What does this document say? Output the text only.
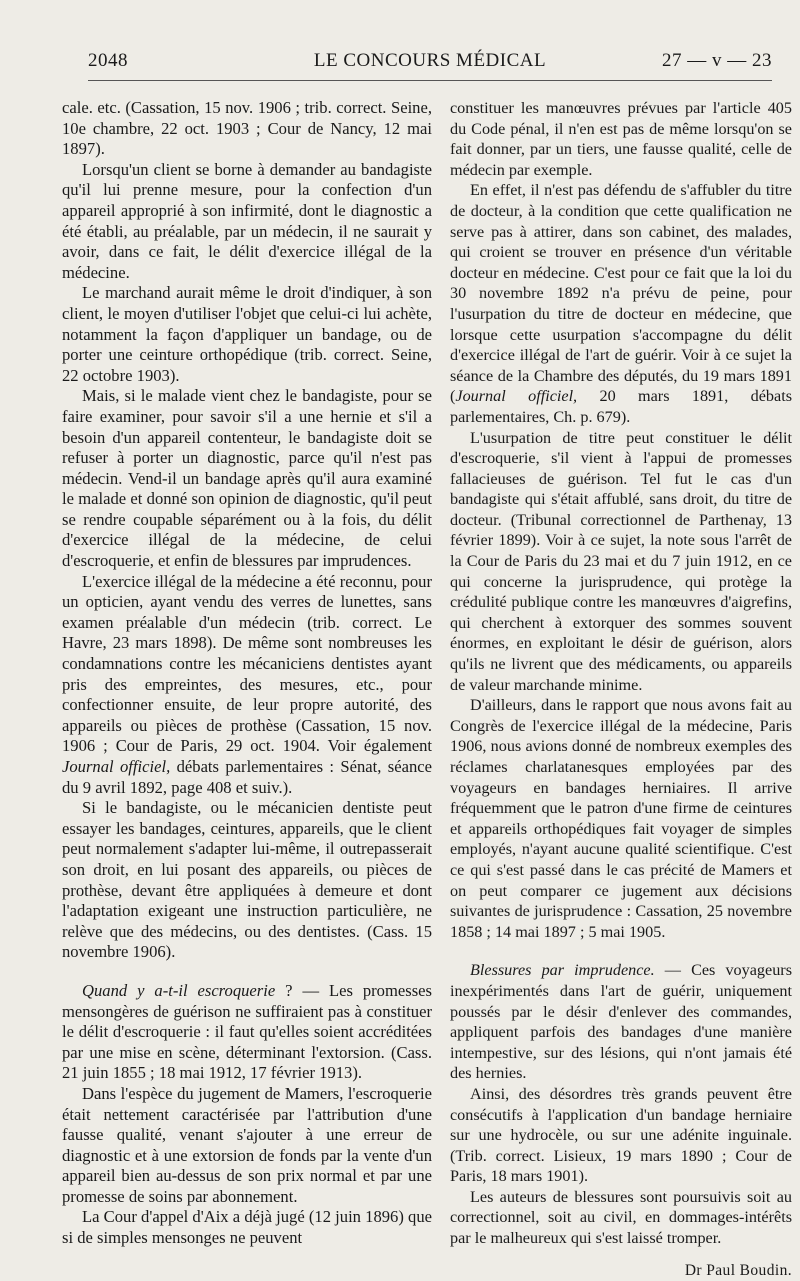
2048	LE CONCOURS MÉDICAL	27 — v — 23

cale. etc. (Cassation, 15 nov. 1906 ; trib. correct. Seine, 10e chambre, 22 oct. 1903 ; Cour de Nancy, 12 mai 1897).

Lorsqu'un client se borne à demander au bandagiste qu'il lui prenne mesure, pour la confection d'un appareil approprié à son infirmité, dont le diagnostic a été établi, au préalable, par un médecin, il ne saurait y avoir, dans ce fait, le délit d'exercice illégal de la médecine.

Le marchand aurait même le droit d'indiquer, à son client, le moyen d'utiliser l'objet que celui-ci lui achète, notamment la façon d'appliquer un bandage, ou de porter une ceinture orthopédique (trib. correct. Seine, 22 octobre 1903).

Mais, si le malade vient chez le bandagiste, pour se faire examiner, pour savoir s'il a une hernie et s'il a besoin d'un appareil contenteur, le bandagiste doit se refuser à porter un diagnostic, parce qu'il n'est pas médecin. Vend-il un bandage après qu'il aura examiné le malade et donné son opinion de diagnostic, qu'il peut se rendre coupable séparément ou à la fois, du délit d'exercice illégal de la médecine, de celui d'escroquerie, et enfin de blessures par imprudences.

L'exercice illégal de la médecine a été reconnu, pour un opticien, ayant vendu des verres de lunettes, sans examen préalable d'un médecin (trib. correct. Le Havre, 23 mars 1898). De même sont nombreuses les condamnations contre les mécaniciens dentistes ayant pris des empreintes, des mesures, etc., pour confectionner ensuite, de leur propre autorité, des appareils ou pièces de prothèse (Cassation, 15 nov. 1906 ; Cour de Paris, 29 oct. 1904. Voir également Journal officiel, débats parlementaires : Sénat, séance du 9 avril 1892, page 408 et suiv.).

Si le bandagiste, ou le mécanicien dentiste peut essayer les bandages, ceintures, appareils, que le client peut normalement s'adapter lui-même, il outrepasserait son droit, en lui posant des appareils, ou pièces de prothèse, devant être appliquées à demeure et dont l'adaptation exigeant une instruction particulière, ne relève que des médecins, ou des dentistes. (Cass. 15 novembre 1906).

Quand y a-t-il escroquerie ? — Les promesses mensongères de guérison ne suffiraient pas à constituer le délit d'escroquerie : il faut qu'elles soient accréditées par une mise en scène, déterminant l'extorsion. (Cass. 21 juin 1855 ; 18 mai 1912, 17 février 1913).

Dans l'espèce du jugement de Mamers, l'escroquerie était nettement caractérisée par l'attribution d'une fausse qualité, venant s'ajouter à une erreur de diagnostic et à une extorsion de fonds par la vente d'un appareil bien au-dessus de son prix normal et par une promesse de soins par abonnement.

La Cour d'appel d'Aix a déjà jugé (12 juin 1896) que si de simples mensonges ne peuvent

constituer les manœuvres prévues par l'article 405 du Code pénal, il n'en est pas de même lorsqu'on se fait donner, par un tiers, une fausse qualité, celle de médecin par exemple.

En effet, il n'est pas défendu de s'affubler du titre de docteur, à la condition que cette qualification ne serve pas à attirer, dans son cabinet, des malades, qui croient se trouver en présence d'un véritable docteur en médecine. C'est pour ce fait que la loi du 30 novembre 1892 n'a prévu de peine, pour l'usurpation du titre de docteur en médecine, que lorsque cette usurpation s'accompagne du délit d'exercice illégal de l'art de guérir. Voir à ce sujet la séance de la Chambre des députés, du 19 mars 1891 (Journal officiel, 20 mars 1891, débats parlementaires, Ch. p. 679).

L'usurpation de titre peut constituer le délit d'escroquerie, s'il vient à l'appui de promesses fallacieuses de guérison. Tel fut le cas d'un bandagiste qui s'était affublé, sans droit, du titre de docteur. (Tribunal correctionnel de Parthenay, 13 février 1899). Voir à ce sujet, la note sous l'arrêt de la Cour de Paris du 23 mai et du 7 juin 1912, en ce qui concerne la jurisprudence, qui protège la crédulité publique contre les manœuvres d'aigrefins, qui cherchent à extorquer des sommes souvent énormes, en exploitant le désir de guérison, alors qu'ils ne livrent que des médicaments, ou appareils de valeur marchande minime.

D'ailleurs, dans le rapport que nous avons fait au Congrès de l'exercice illégal de la médecine, Paris 1906, nous avions donné de nombreux exemples des réclames charlatanesques employées par des voyageurs en bandages herniaires. Il arrive fréquemment que le patron d'une firme de ceintures et appareils orthopédiques fait voyager de simples employés, n'ayant aucune qualité scientifique. C'est ce qui s'est passé dans le cas précité de Mamers et on peut comparer ce jugement aux décisions suivantes de jurisprudence : Cassation, 25 novembre 1858 ; 14 mai 1897 ; 5 mai 1905.

Blessures par imprudence. — Ces voyageurs inexpérimentés dans l'art de guérir, uniquement poussés par le désir d'enlever des commandes, appliquent parfois des bandages d'une manière intempestive, sur des lésions, qui n'ont jamais été des hernies.

Ainsi, des désordres très grands peuvent être consécutifs à l'application d'un bandage herniaire sur une hydrocèle, ou sur une adénite inguinale. (Trib. correct. Lisieux, 19 mars 1890 ; Cour de Paris, 18 mars 1901).

Les auteurs de blessures sont poursuivis soit au correctionnel, soit au civil, en dommages-intérêts par le malheureux qui s'est laissé tromper.

Dr Paul Boudin.
